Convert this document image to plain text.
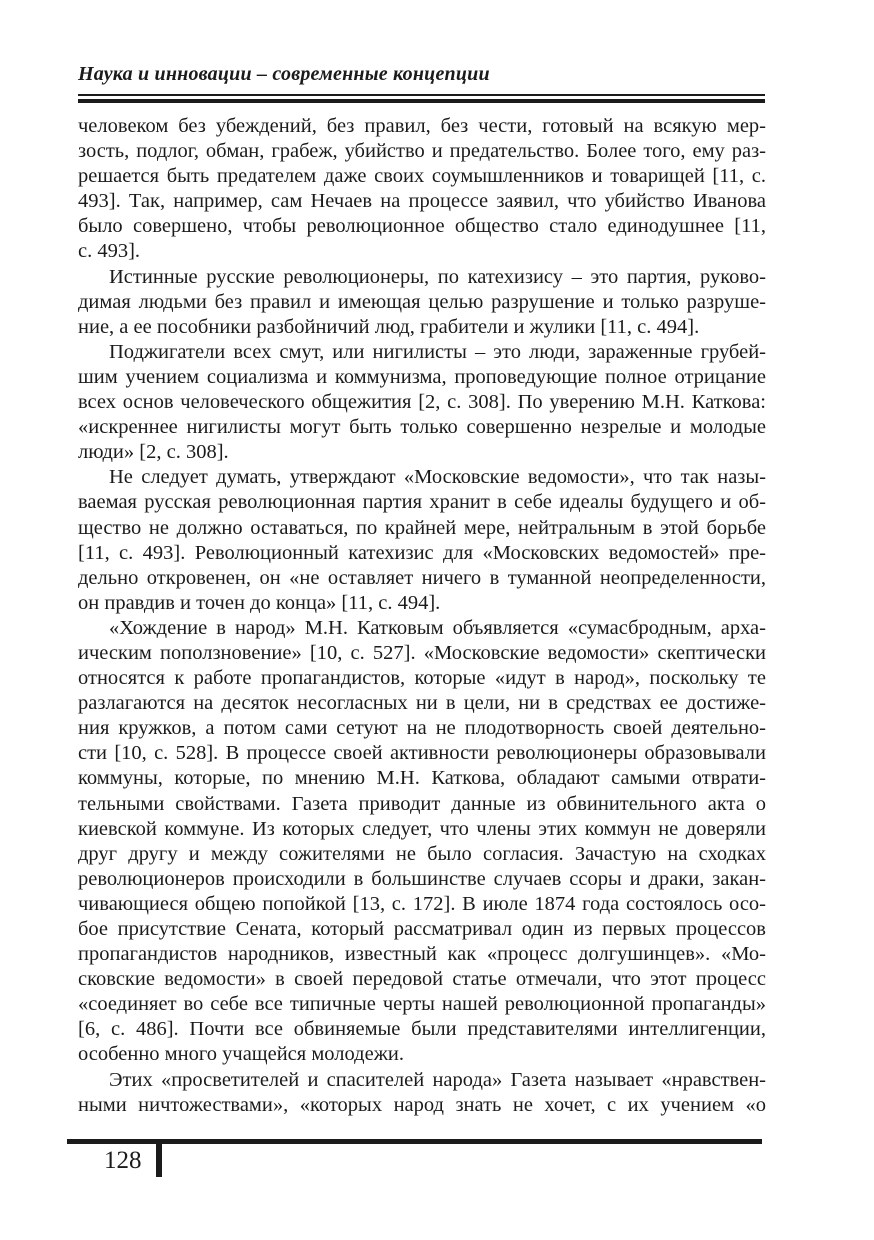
Наука и инновации – современные концепции
человеком без убеждений, без правил, без чести, готовый на всякую мер-
зость, подлог, обман, грабеж, убийство и предательство. Более того, ему раз-
решается быть предателем даже своих соумышленников и товарищей [11, с.
493]. Так, например, сам Нечаев на процессе заявил, что убийство Иванова
было совершено, чтобы революционное общество стало единодушнее [11,
с. 493].
Истинные русские революционеры, по катехизису – это партия, руково-
димая людьми без правил и имеющая целью разрушение и только разруше-
ние, а ее пособники разбойничий люд, грабители и жулики [11, с. 494].
Поджигатели всех смут, или нигилисты – это люди, зараженные грубей-
шим учением социализма и коммунизма, проповедующие полное отрицание
всех основ человеческого общежития [2, с. 308]. По уверению М.Н. Каткова:
«искреннее нигилисты могут быть только совершенно незрелые и молодые
люди» [2, с. 308].
Не следует думать, утверждают «Московские ведомости», что так назы-
ваемая русская революционная партия хранит в себе идеалы будущего и об-
щество не должно оставаться, по крайней мере, нейтральным в этой борьбе
[11, с. 493]. Революционный катехизис для «Московских ведомостей» пре-
дельно откровенен, он «не оставляет ничего в туманной неопределенности,
он правдив и точен до конца» [11, с. 494].
«Хождение в народ» М.Н. Катковым объявляется «сумасбродным, арха-
ическим поползновение» [10, с. 527]. «Московские ведомости» скептически
относятся к работе пропагандистов, которые «идут в народ», поскольку те
разлагаются на десяток несогласных ни в цели, ни в средствах ее достиже-
ния кружков, а потом сами сетуют на не плодотворность своей деятельно-
сти [10, с. 528]. В процессе своей активности революционеры образовывали
коммуны, которые, по мнению М.Н. Каткова, обладают самыми отврати-
тельными свойствами. Газета приводит данные из обвинительного акта о
киевской коммуне. Из которых следует, что члены этих коммун не доверяли
друг другу и между сожителями не было согласия. Зачастую на сходках
революционеров происходили в большинстве случаев ссоры и драки, закан-
чивающиеся общею попойкой [13, с. 172]. В июле 1874 года состоялось осо-
бое присутствие Сената, который рассматривал один из первых процессов
пропагандистов народников, известный как «процесс долгушинцев». «Мо-
сковские ведомости» в своей передовой статье отмечали, что этот процесс
«соединяет во себе все типичные черты нашей революционной пропаганды»
[6, с. 486]. Почти все обвиняемые были представителями интеллигенции,
особенно много учащейся молодежи.
Этих «просветителей и спасителей народа» Газета называет «нравствен-
ными ничтожествами», «которых народ знать не хочет, с их учением «о
128
